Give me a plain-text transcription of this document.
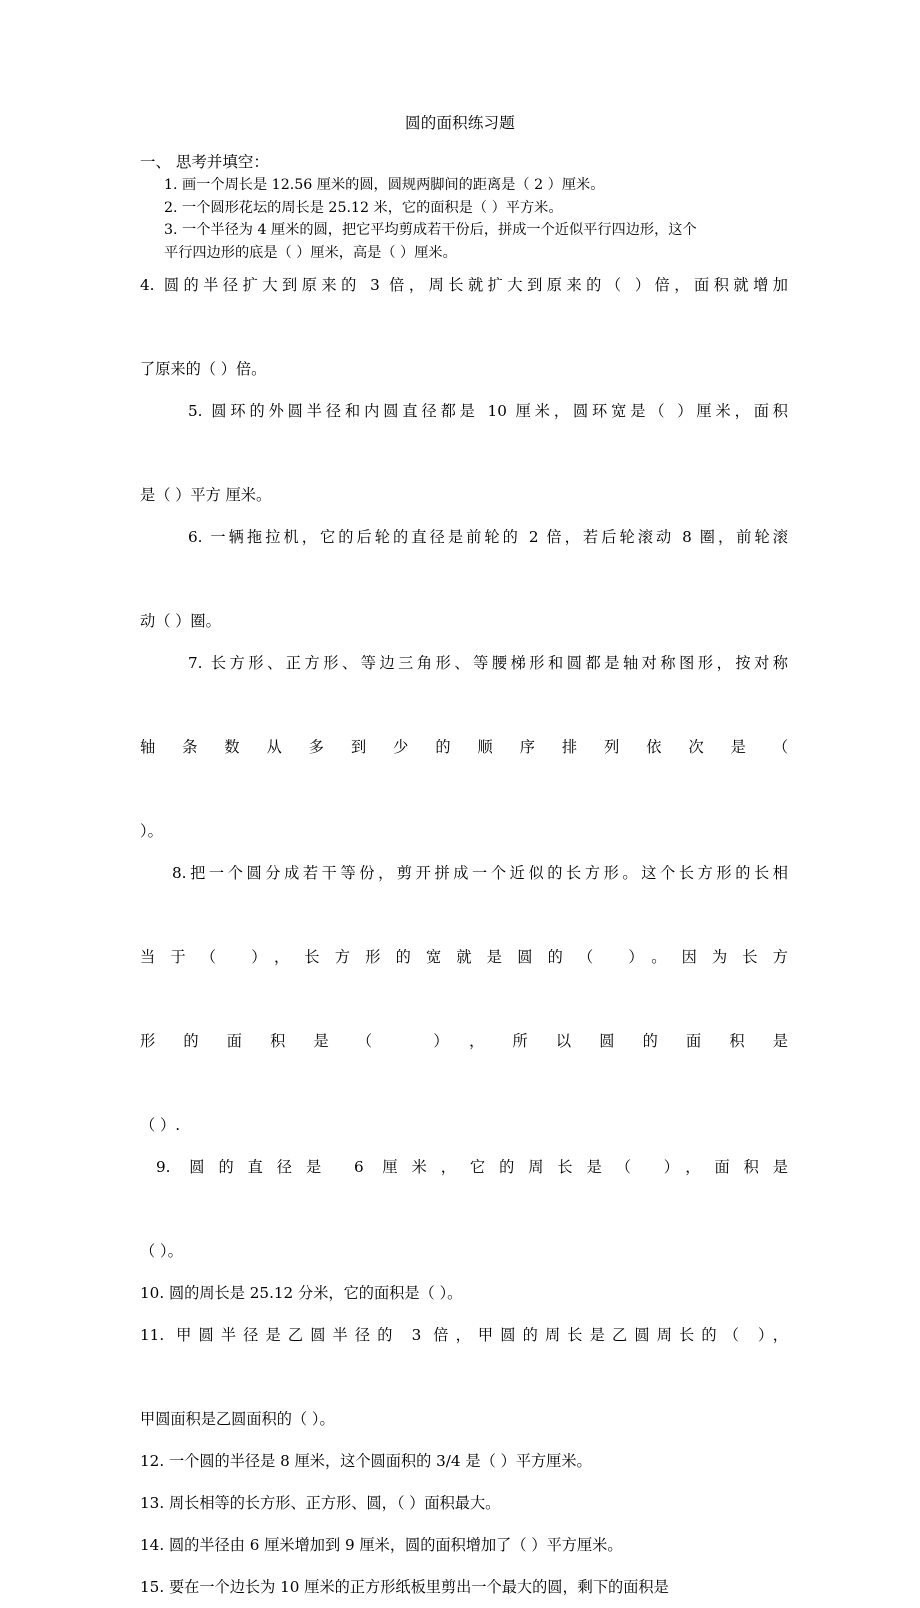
圆的面积练习题
一、 思考并填空：
1. 画一个周长是 12.56 厘米的圆，圆规两脚间的距离是（ 2 ）厘米。
2. 一个圆形花坛的周长是 25.12 米，它的面积是（ ）平方米。
3. 一个半径为 4 厘米的圆，把它平均剪成若干份后，拼成一个近似平行四边形，这个
平行四边形的底是（ ）厘米，高是（ ）厘米。
4. 圆的半径扩大到原来的 3 倍，周长就扩大到原来的（ ）倍，面积就增加 了原来的（ ）倍。
5. 圆环的外圆半径和内圆直径都是 10 厘米，圆环宽是（ ）厘米，面积 是（ ）平方 厘米。
6. 一辆拖拉机，它的后轮的直径是前轮的 2 倍，若后轮滚动 8 圈，前轮滚 动（ ）圈。
7. 长方形、正方形、等边三角形、等腰梯形和圆都是轴对称图形，按对称 轴条数从多到少的顺序排列依次是（ ）。
8.把一个圆分成若干等份，剪开拼成一个近似的长方形。这个长方形的长相 当于（ ），长方形的宽就是圆的（ ）。因为长方 形的面积是（ ），所以圆的面积是 （ ）.
9. 圆的直径是 6 厘米，它的周长是（ ），面积是 （ ）。
10. 圆的周长是 25.12 分米，它的面积是（ ）。
11. 甲圆半径是乙圆半径的 3 倍，甲圆的周长是乙圆周长的（ ）， 甲圆面积是乙圆面积的（ ）。
12. 一个圆的半径是 8 厘米，这个圆面积的 3/4 是（ ）平方厘米。
13. 周长相等的长方形、正方形、圆，（ ）面积最大。
14. 圆的半径由 6 厘米增加到 9 厘米，圆的面积增加了（ ）平方厘米。
15. 要在一个边长为 10 厘米的正方形纸板里剪出一个最大的圆，剩下的面积是
